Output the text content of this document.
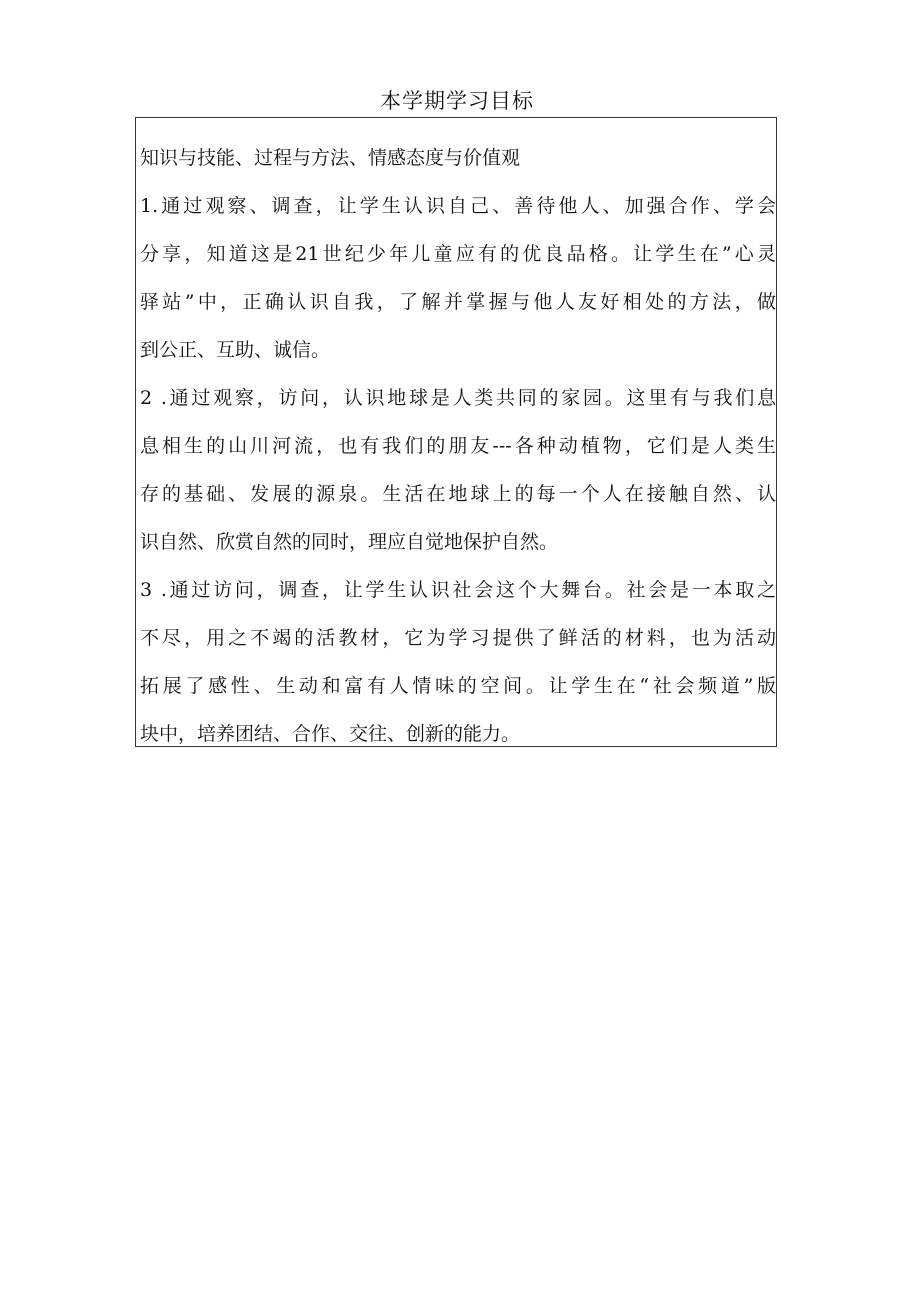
本学期学习目标
知识与技能、过程与方法、情感态度与价值观
1.通过观察、调查，让学生认识自己、善待他人、加强合作、学会
分享，知道这是21世纪少年儿童应有的优良品格。让学生在”心灵
驿站”中，正确认识自我，了解并掌握与他人友好相处的方法，做
到公正、互助、诚信。
2 .通过观察，访问，认识地球是人类共同的家园。这里有与我们息
息相生的山川河流，也有我们的朋友---各种动植物，它们是人类生
存的基础、发展的源泉。生活在地球上的每一个人在接触自然、认
识自然、欣赏自然的同时，理应自觉地保护自然。
3 .通过访问，调查，让学生认识社会这个大舞台。社会是一本取之
不尽，用之不竭的活教材，它为学习提供了鲜活的材料，也为活动
拓展了感性、生动和富有人情味的空间。让学生在“社会频道”版
块中，培养团结、合作、交往、创新的能力。
